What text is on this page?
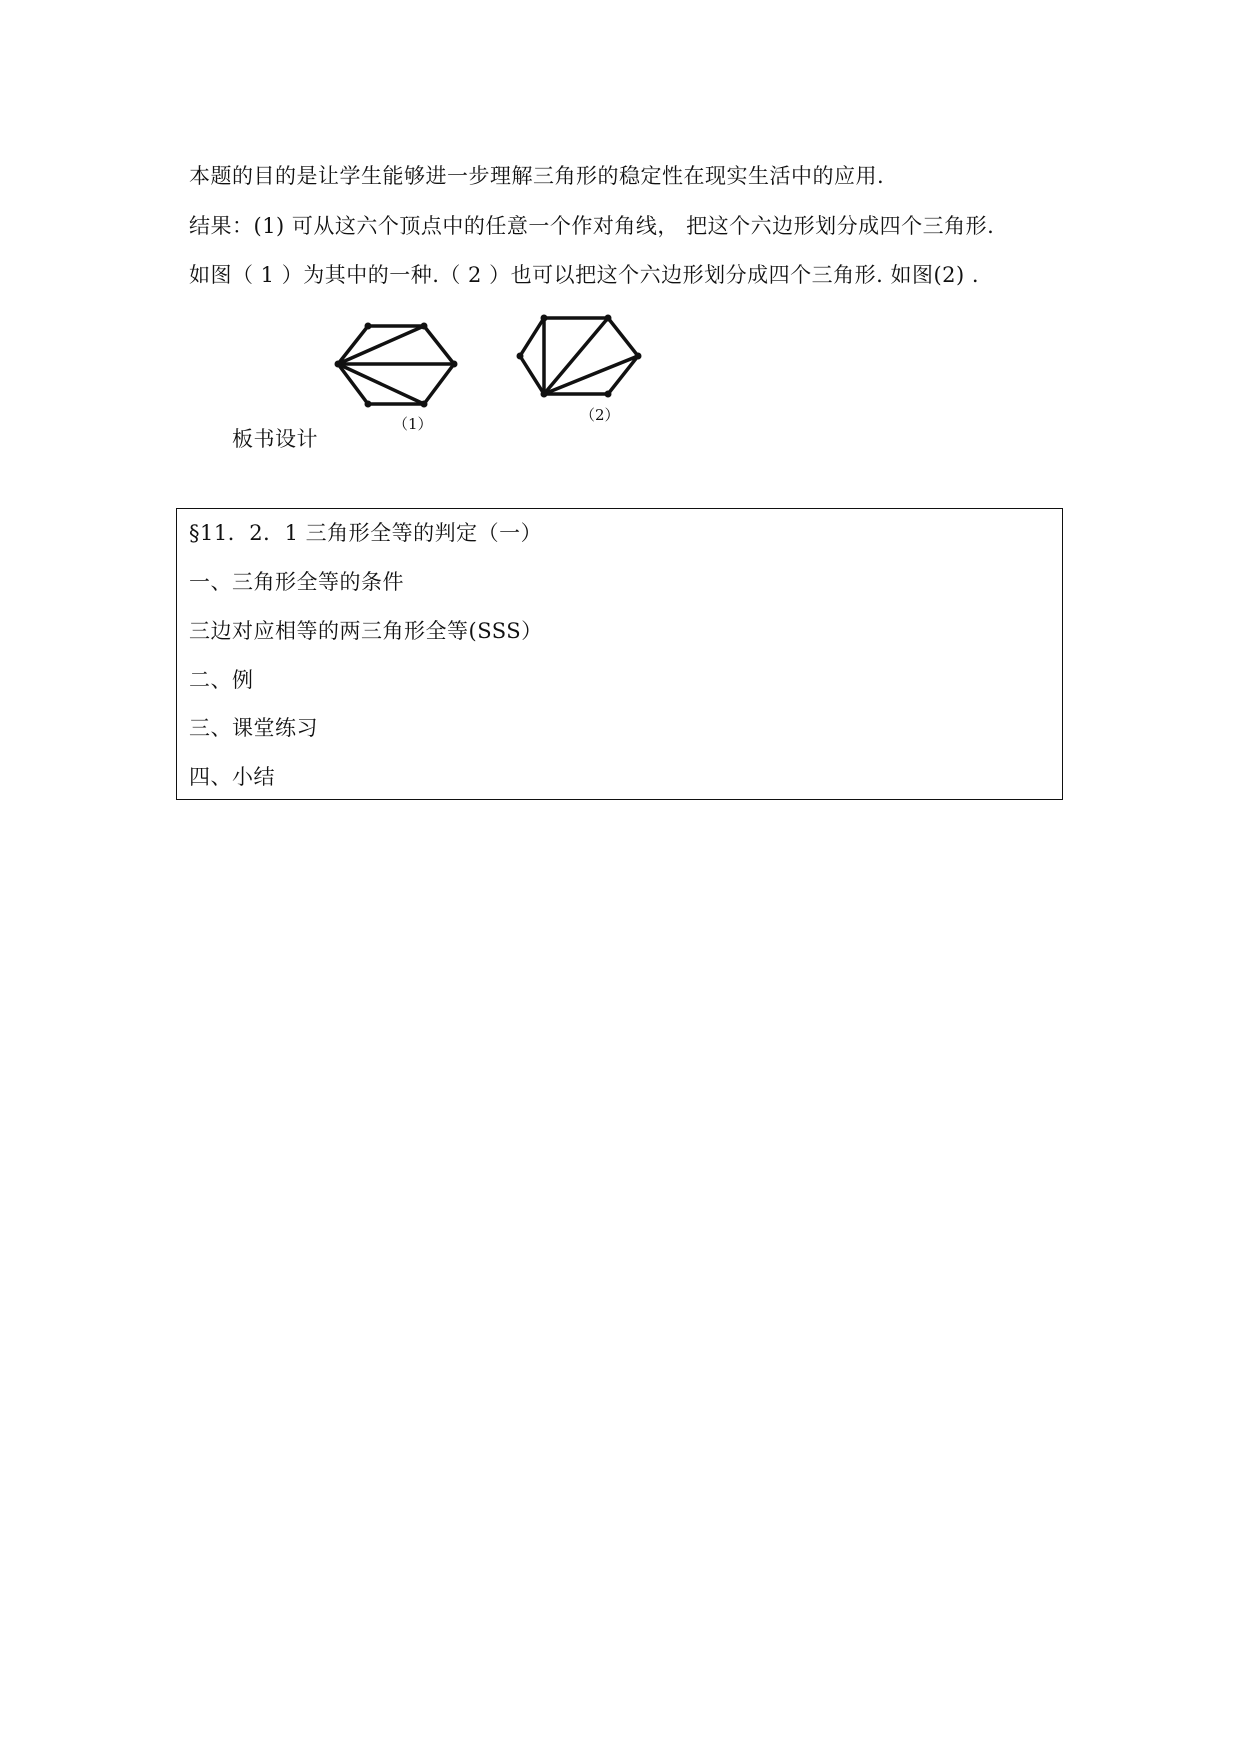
本题的目的是让学生能够进一步理解三角形的稳定性在现实生活中的应用.
结果：(1) 可从这六个顶点中的任意一个作对角线， 把这个六边形划分成四个三角形.
如图（ 1 ）为其中的一种.（ 2 ）也可以把这个六边形划分成四个三角形. 如图(2) .
（1）	（2）
板书设计
§11．2．1 三角形全等的判定（一）
一、三角形全等的条件
三边对应相等的两三角形全等(SSS）
二、例
三、课堂练习
四、小结
